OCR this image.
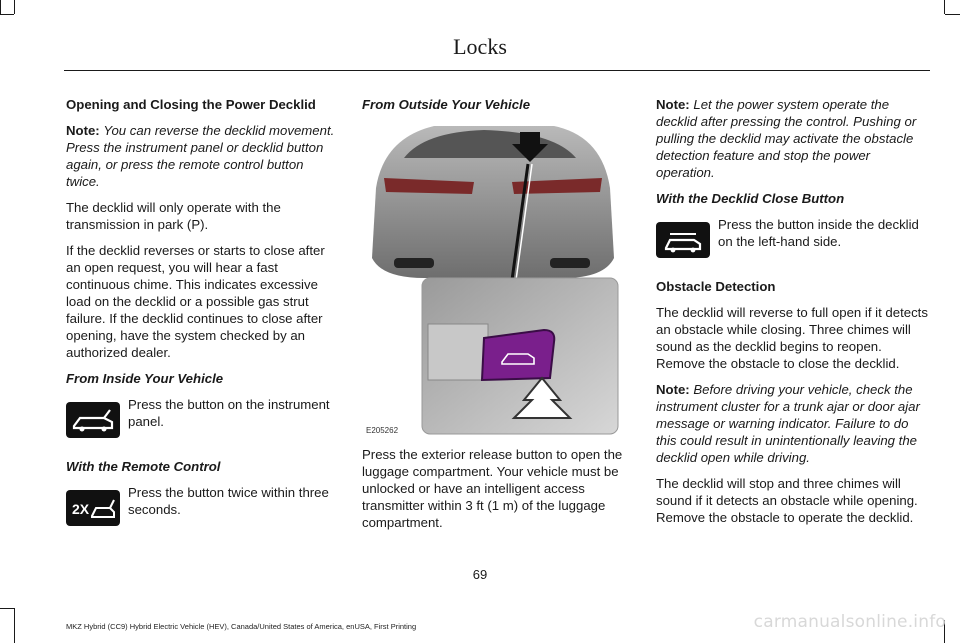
Locks

Opening and Closing the Power Decklid

Note: You can reverse the decklid movement. Press the instrument panel or decklid button again, or press the remote control button twice.

The decklid will only operate with the transmission in park (P).

If the decklid reverses or starts to close after an open request, you will hear a fast continuous chime. This indicates excessive load on the decklid or a possible gas strut failure. If the decklid continues to close after opening, have the system checked by an authorized dealer.

From Inside Your Vehicle

Press the button on the instrument panel.

With the Remote Control

2X
Press the button twice within three seconds.

From Outside Your Vehicle

E205262

Press the exterior release button to open the luggage compartment. Your vehicle must be unlocked or have an intelligent access transmitter within 3 ft (1 m) of the luggage compartment.

Note: Let the power system operate the decklid after pressing the control. Pushing or pulling the decklid may activate the obstacle detection feature and stop the power operation.

With the Decklid Close Button

Press the button inside the decklid on the left-hand side.

Obstacle Detection

The decklid will reverse to full open if it detects an obstacle while closing. Three chimes will sound as the decklid begins to reopen. Remove the obstacle to close the decklid.

Note: Before driving your vehicle, check the instrument cluster for a trunk ajar or door ajar message or warning indicator. Failure to do this could result in unintentionally leaving the decklid open while driving.

The decklid will stop and three chimes will sound if it detects an obstacle while opening. Remove the obstacle to operate the decklid.

69
MKZ Hybrid (CC9) Hybrid Electric Vehicle (HEV), Canada/United States of America, enUSA, First Printing	carmanualsonline.info
